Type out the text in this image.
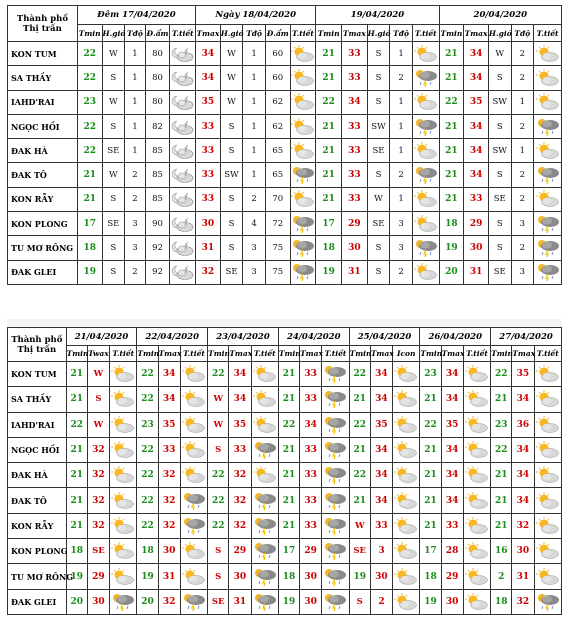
Thành phố
Thị trấn	Đêm 17/04/2020					Ngày 18/04/2020					19/04/2020					20/04/2020				
	Tmin	H.gió	Tđộ	Đ.ẩm	T.tiết	Tmax	H.gió	Tđộ	Đ.ẩm	T.tiết	Tmin	Tmax	H.gió	Tđộ	T.tiết	Tmin	Tmax	H.gió	Tđộ	T.tiết
KON TUM	22	W	1	80		34	W	1	60		21	33	S	1		21	34	W	2	

SA THẦY	22	S	1	80		34	W	1	60		21	33	S	2		21	34	S	2	

IAHD'RAI	23	W	1	80		35	W	1	62		22	34	S	1		22	35	SW	1	

NGỌC HỒI	22	S	1	82		33	S	1	62		21	33	SW	1		21	34	S	2	

ĐAK HÀ	22	SE	1	85		33	S	1	65		21	33	SE	1		21	34	SW	1	

ĐAK TÔ	21	W	2	85		33	SW	1	65		21	33	S	2		21	34	S	2	

KON RẪY	21	S	2	85		33	S	2	70		21	33	W	1		21	33	SE	2	

KON PLONG	17	SE	3	90		30	S	4	72		17	29	SE	3		18	29	S	3	

TU MƠ RÔNG	18	S	3	92		31	S	3	75		18	30	S	3		19	30	S	2	

ĐAK GLEI	19	S	2	92		32	SE	3	75		19	31	S	2		20	31	SE	3	
Thành phố
Thị trấn	21/04/2020			22/04/2020			23/04/2020			24/04/2020			25/04/2020			26/04/2020			27/04/2020		
	Tmin	Twax	T.tiết	Tmin	Tmax	T.tiết	Tmin	Tmax	T.tiết	Tmin	Tmax	T.tiết	Tmin	Tmax	Icon	Tmin	Tmax	T.tiết	Tmin	Tmax	T.tiết
KON TUM	21	W		22	34		22	34		21	33		22	34		23	34		22	35	

SA THẦY	21	S		22	34		W	34		21	33		21	34		21	34		21	34	

IAHD'RAI	22	W		23	35		W	35		22	34		22	35		22	35		23	36	

NGỌC HỒI	21	32		22	33		S	33		21	33		21	34		21	34		22	34	

ĐAK HÀ	21	32		22	32		22	32		21	33		22	34		21	34		21	34	

ĐAK TÔ	21	32		22	32		22	32		21	33		21	34		21	34		21	34	

KON RẪY	21	32		22	32		22	32		21	33		W	33		21	33		21	32	

KON PLONG	18	SE		18	30		S	29		17	29		SE	3		17	28		16	30	

TU MƠ RÔNG	19	29		19	31		S	30		18	30		19	30		18	29		2	31	

ĐAK GLEI	20	30		20	32		SE	31		19	30		S	2		19	30		18	32	
